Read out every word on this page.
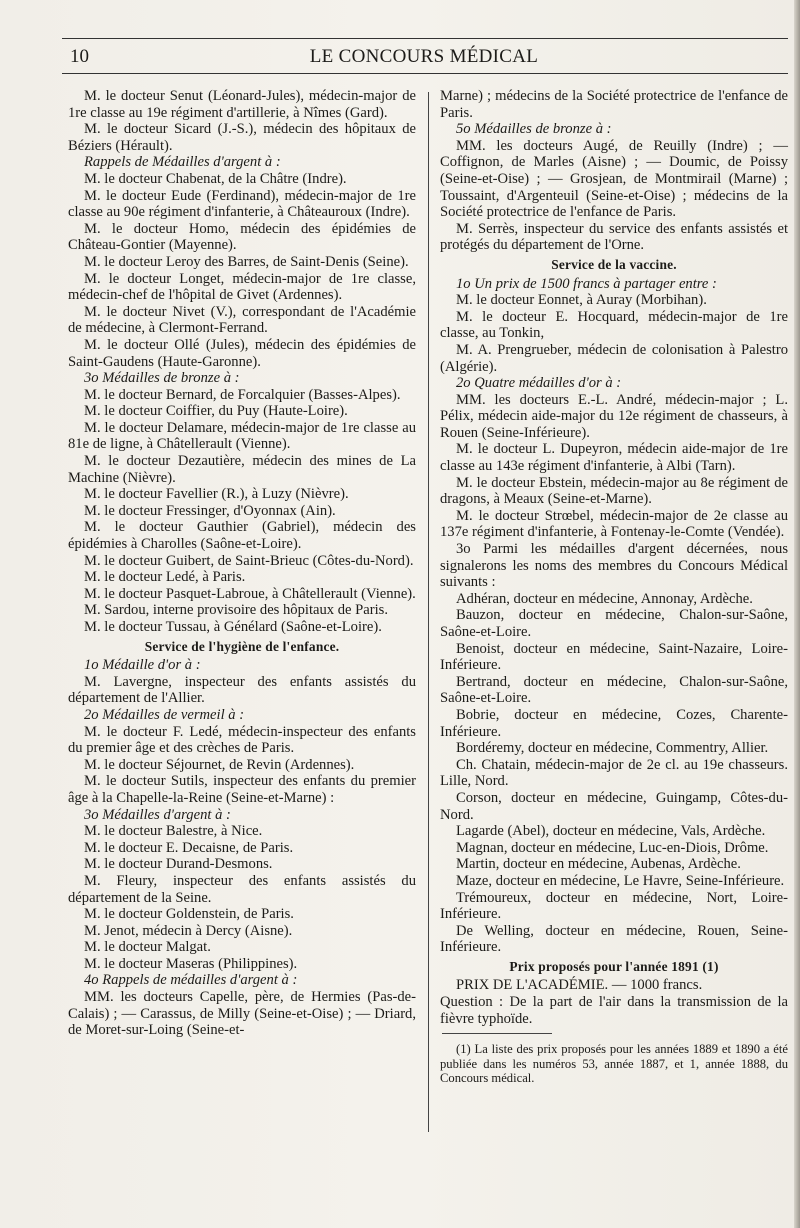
10	LE CONCOURS MÉDICAL

M. le docteur Senut (Léonard-Jules), médecin-major de 1re classe au 19e régiment d'artillerie, à Nîmes (Gard).

M. le docteur Sicard (J.-S.), médecin des hôpitaux de Béziers (Hérault).

Rappels de Médailles d'argent à :

M. le docteur Chabenat, de la Châtre (Indre).

M. le docteur Eude (Ferdinand), médecin-major de 1re classe au 90e régiment d'infanterie, à Châteauroux (Indre).

M. le docteur Homo, médecin des épidémies de Château-Gontier (Mayenne).

M. le docteur Leroy des Barres, de Saint-Denis (Seine).

M. le docteur Longet, médecin-major de 1re classe, médecin-chef de l'hôpital de Givet (Ardennes).

M. le docteur Nivet (V.), correspondant de l'Académie de médecine, à Clermont-Ferrand.

M. le docteur Ollé (Jules), médecin des épidémies de Saint-Gaudens (Haute-Garonne).

3o Médailles de bronze à :

M. le docteur Bernard, de Forcalquier (Basses-Alpes).

M. le docteur Coiffier, du Puy (Haute-Loire).

M. le docteur Delamare, médecin-major de 1re classe au 81e de ligne, à Châtellerault (Vienne).

M. le docteur Dezautière, médecin des mines de La Machine (Nièvre).

M. le docteur Favellier (R.), à Luzy (Nièvre).

M. le docteur Fressinger, d'Oyonnax (Ain).

M. le docteur Gauthier (Gabriel), médecin des épidémies à Charolles (Saône-et-Loire).

M. le docteur Guibert, de Saint-Brieuc (Côtes-du-Nord).

M. le docteur Ledé, à Paris.

M. le docteur Pasquet-Labroue, à Châtellerault (Vienne).

M. Sardou, interne provisoire des hôpitaux de Paris.

M. le docteur Tussau, à Génélard (Saône-et-Loire).

Service de l'hygiène de l'enfance.

1o Médaille d'or à :

M. Lavergne, inspecteur des enfants assistés du département de l'Allier.

2o Médailles de vermeil à :

M. le docteur F. Ledé, médecin-inspecteur des enfants du premier âge et des crèches de Paris.

M. le docteur Séjournet, de Revin (Ardennes).

M. le docteur Sutils, inspecteur des enfants du premier âge à la Chapelle-la-Reine (Seine-et-Marne) :

3o Médailles d'argent à :

M. le docteur Balestre, à Nice.

M. le docteur E. Decaisne, de Paris.

M. le docteur Durand-Desmons.

M. Fleury, inspecteur des enfants assistés du département de la Seine.

M. le docteur Goldenstein, de Paris.

M. Jenot, médecin à Dercy (Aisne).

M. le docteur Malgat.

M. le docteur Maseras (Philippines).

4o Rappels de médailles d'argent à :

MM. les docteurs Capelle, père, de Hermies (Pas-de-Calais) ; — Carassus, de Milly (Seine-et-Oise) ; — Driard, de Moret-sur-Loing (Seine-et-

Marne) ; médecins de la Société protectrice de l'enfance de Paris.

5o Médailles de bronze à :

MM. les docteurs Augé, de Reuilly (Indre) ; — Coffignon, de Marles (Aisne) ; — Doumic, de Poissy (Seine-et-Oise) ; — Grosjean, de Montmirail (Marne) ; Toussaint, d'Argenteuil (Seine-et-Oise) ; médecins de la Société protectrice de l'enfance de Paris.

M. Serrès, inspecteur du service des enfants assistés et protégés du département de l'Orne.

Service de la vaccine.

1o Un prix de 1500 francs à partager entre :

M. le docteur Eonnet, à Auray (Morbihan).

M. le docteur E. Hocquard, médecin-major de 1re classe, au Tonkin,

M. A. Prengrueber, médecin de colonisation à Palestro (Algérie).

2o Quatre médailles d'or à :

MM. les docteurs E.-L. André, médecin-major ; L. Pélix, médecin aide-major du 12e régiment de chasseurs, à Rouen (Seine-Inférieure).

M. le docteur L. Dupeyron, médecin aide-major de 1re classe au 143e régiment d'infanterie, à Albi (Tarn).

M. le docteur Ebstein, médecin-major au 8e régiment de dragons, à Meaux (Seine-et-Marne).

M. le docteur Strœbel, médecin-major de 2e classe au 137e régiment d'infanterie, à Fontenay-le-Comte (Vendée).

3o Parmi les médailles d'argent décernées, nous signalerons les noms des membres du Concours Médical suivants :

Adhéran, docteur en médecine, Annonay, Ardèche.

Bauzon, docteur en médecine, Chalon-sur-Saône, Saône-et-Loire.

Benoist, docteur en médecine, Saint-Nazaire, Loire-Inférieure.

Bertrand, docteur en médecine, Chalon-sur-Saône, Saône-et-Loire.

Bobrie, docteur en médecine, Cozes, Charente-Inférieure.

Bordéremy, docteur en médecine, Commentry, Allier.

Ch. Chatain, médecin-major de 2e cl. au 19e chasseurs. Lille, Nord.

Corson, docteur en médecine, Guingamp, Côtes-du-Nord.

Lagarde (Abel), docteur en médecine, Vals, Ardèche.

Magnan, docteur en médecine, Luc-en-Diois, Drôme.

Martin, docteur en médecine, Aubenas, Ardèche.

Maze, docteur en médecine, Le Havre, Seine-Inférieure.

Trémoureux, docteur en médecine, Nort, Loire-Inférieure.

De Welling, docteur en médecine, Rouen, Seine-Inférieure.

Prix proposés pour l'année 1891 (1)

PRIX DE L'ACADÉMIE. — 1000 francs.

Question : De la part de l'air dans la transmission de la fièvre typhoïde.

(1) La liste des prix proposés pour les années 1889 et 1890 a été publiée dans les numéros 53, année 1887, et 1, année 1888, du Concours médical.
